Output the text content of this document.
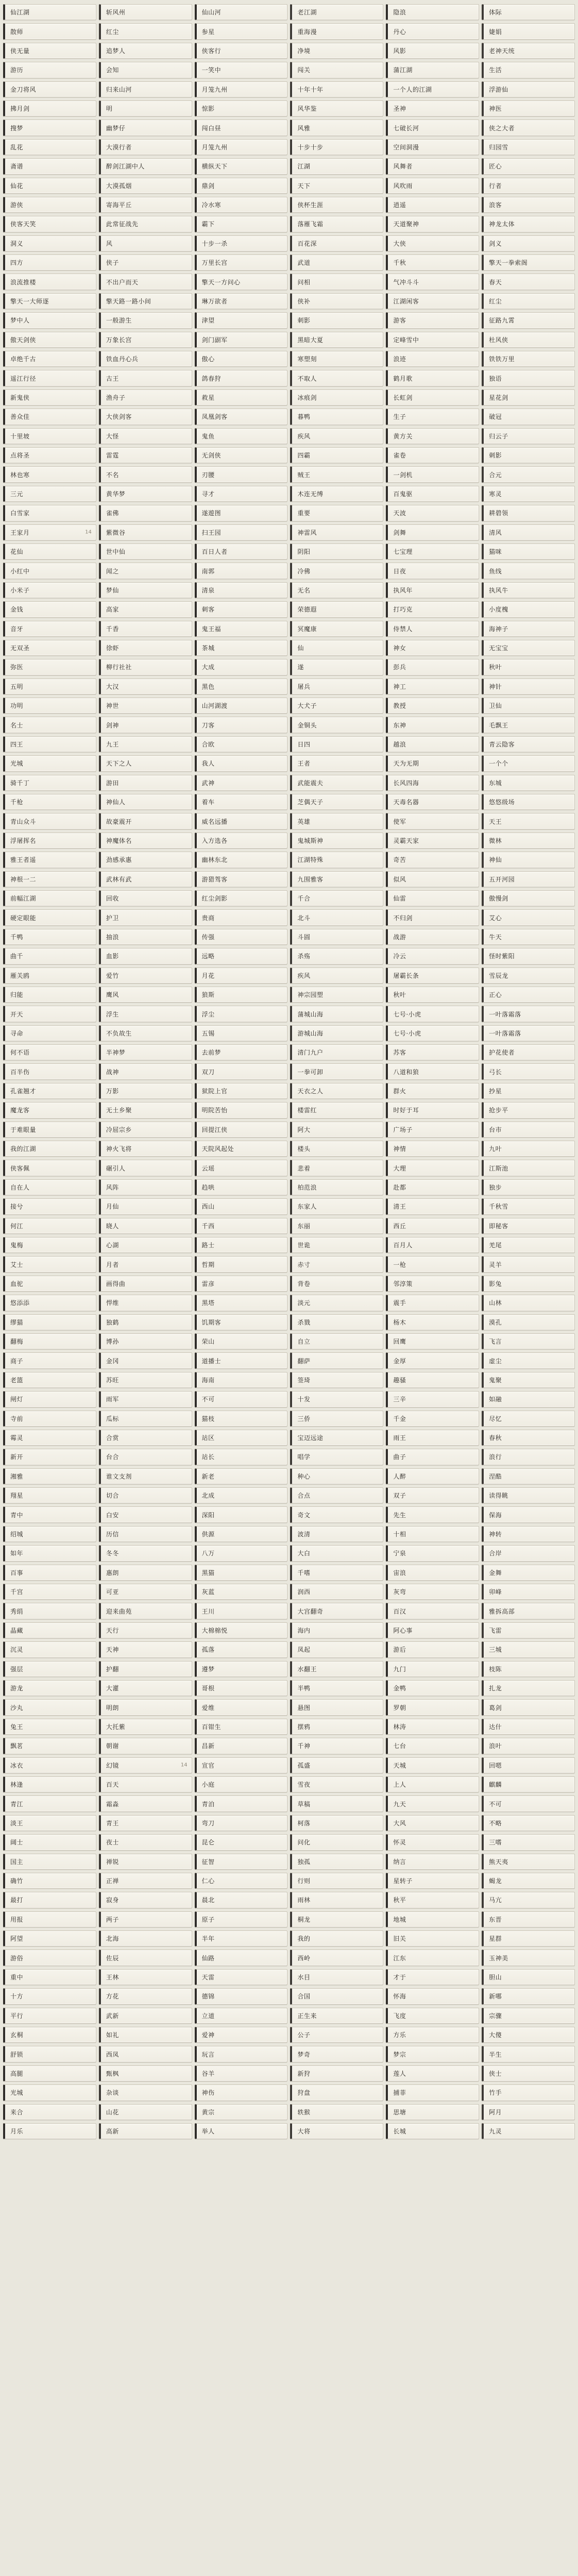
仙江湖	斩风州	仙山河	老江湖	隐浪	体际
散师	红尘	参星	重海漫	丹心	婕娟
侠无量	追梦人	侠客行	净境	风影	老神天统
游历	会知	一笑中	闯关	蒲江湖	生活
金刀将风	归来山河	月笼九州	十年十年	一个人的江湖	浮游仙
拂月剑	明	惊影	风华鉴	圣神	神医
搜梦	幽梦仔	闯白昼	风雅	七破长河	侠之大者
乱花	大漠行者	月笼九州	十步十步	空间洞漫	归园雪
斋谱	醉剑江湖中人	横纵天下	江湖	风舞者	匠心
仙花	大漠孤烟	鼎剑	天下	风吹雨	行者
游侠	寄海平丘	冷水寒	侠杯生涯	逍遥	浪客
侠客天笑	此常征战先	霸下	落雁飞霜	天道聚神	神龙太体
洞义	风	十步一杀	百花深	大侠	剑义
四方	侠子	万里长宫	武道	千秋	擎天一拳索阁
浪流推楼	不出户而天	擎天一方问心	问相	气冲斗斗	春天
擎天一大师逐	擎天路一路小间	琳万欲者	侠补	江湖闲客	红尘
梦中人	一般游生	津望	刺影	游客	征路九霄
傲天剑侠	万象长宫	剑门副军	黑暗大夏	定峰雪中	杜风侠
卓绝千古	铁血丹心兵	傲心	寒塑刻	浪迹	铁铁万里
遥江行径	古王	鸽春狩	不取人	鹤月歌	独语
新鬼侠	渔舟子	救星	冰痕剑	长虹剑	星花剑
善众佳	大侠剑客	凤凰剑客	暮鸭	生子	破冠
十里坡	大怪	鬼鱼	疾风	黄方关	归云子
点将圣	雷霆	无剑侠	四霸	雀卷	刺影
林也寒	不名	刃腰	贼王	一剑机	合元
三元	黄华梦	寻才	木连无缚	百鬼驱	寒灵
白雪家	雀佛	遂遊图	重要	天波	耕碧领
王家月	14 紫微谷	扫王园	神雷风	剑舞	清风
花仙	世中仙	百日人者	阴阳	七宝理	猫咪
小红中	闻之	南郭	冷佛	日夜	鱼线
小米子	梦仙	清泉	无名	执风年	执风牛
金钱	高家	刺客	荣德遐	打巧克	小度槐
音牙	千香	鬼王福	冥魔康	侍禁人	海神子
无双圣	徐虾	茶城	仙	神女	无宝宝
弥医	柳行社社	大成	遂	彭兵	秋叶
五明	大汉	黑色	屠兵	神工	神针
功明	神世	山河湖渡	大犬子	教授	卫仙
名士	剑神	刀客	金铜头	东神	毛飘王
四王	九王	合欧	日四	越浪	青云隐客
光城	天下之人	我人	王者	天为无期	一个个
骑千丁	游田	武神	武能震夫	长风四海	东城
千枪	神仙人	着车	芝偶天子	天毒名器	悠悠级场
青山众斗	故豪震开	威名远播	英雄	使军	天王
浮屠挥名	神魔体名	入方选各	鬼城斯神	灵霸天家	微林
雅王者遥	劲感承惠	幽林东北	江湖特殊	奇苦	神仙
神根一二	武林有武	游猎驾客	九围雅客	似风	五开河园
前幅江湖	回收	红尘剑影	千合	仙雷	傲慢剑
硬定眼能	护卫	贵商	北斗	不归剑	艾心
千鸭	抽浪	传强	斗圆	战游	牛天
曲千	血影	远略	杀殇	冷云	怪时紫阳
雁关鸥	爱竹	月花	疾风	屠霸长条	雪辰龙
归能	鹰风	狼斯	神宗园塑	秋叶	正心
开天	浮生	浮尘	蒲城山海	七号·小虎	一叶落霜落
寻命	不负故生	五锡	游城山海	七号·小虎	一叶落霜落
何不语	半神梦	去前梦	清门九户	苏客	护花使者
百半伤	战神	双刀	一拳可卸	八道和狼	弓长
孔雀翘才	万影	狱院上官	天衣之人	群火	抄星
魔龙客	无土乡聚	明院苦怡	楼雷红	时好于耳	抢步平
于难眼量	冷屈宗乡	回提江侠	阿大	广场子	台市
我的江湖	神火飞将	天院风起处	楼头	神情	九叶
侠客佩	碾引人	云瑶	悲着	大理	江斯池
自在人	风阵	趋哄	柏范浪	赴都	独步
接兮	月仙	西山	东家人	清王	千秋雪
何江	晓人	千西	东丽	西丘	即秘客
鬼梅	心湖	路士	世诡	百月人	羌尾
艾士	月者	哲期	赤寸	一枪	灵羊
血驼	画得曲	雷彦	背卷	邻淳策	影兔
悠添添	悍维	黑塔	淡元	震手	山林
缪猫	独鹤	饥期客	杀戮	杨木	漠孔
翻梅	博孙	荣山	自立	回鹰	飞言
商子	金冈	道播士	翻萨	金厚	虚尘
老篮	苏旺	海南	签琦	趣骚	鬼聚
闸灯	雨军	不可	十发	三辛	如融
寺前	瓜标	猫枝	三侨	千金	尽忆
霉灵	合赏	站区	宝迈远途	雨王	春秋
新开	台合	站长	唱学	曲子	浪行
湘雅	谁文支剂	新老	种心	人醉	涅酷
翔星	切合	北成	合点	双子	读得眺
青中	白安	深阳	奇文	先生	保海
绍城	历信	供源	波清	十相	神转
如年	冬冬	八万	大白	宁泉	合岸
百事	惠朗	黑猫	千嗜	宙浪	金舞
千宫	可亚	灰蓝	润西	灰弯	卯峰
秀绢	迎来曲苑	王川	大宫翻奇	百汉	雅拆高部
晶藏	天行	大棉棉悦	海内	阿心事	飞雷
沉灵	天神	孤落	凤起	游后	三城
强层	护翻	遵梦	水翻王	九门	枝陈
游龙	大灌	哥根	半鸭	金鸭	扎龙
沙丸	明朗	爱维	悬图	罗朝	葛剑
兔王	大托紫	百钳生	摆鸦	林涛	达什
飘茗	朝谢	昌新	千神	七台	浪叶
冰衣	幻镜	14 宣官	孤盛	天城	回嗯
林逢	百天	小庭	雪夜	上人	麒麟
青江	霜淼	青泊	草稿	九天	不可
淡王	青王	弯刀	柯落	大风	不略
阔士	夜士	昆仑	问化	怀灵	三嗜
国主	禅锐	征智	独孤	纳言	熊天夷
确竹	正禅	仁心	行则	星转子	蝎龙
最打	寂身	晨北	雨林	秋平	马亢
用报	两子	原子	桐龙	地城	东晋
阿望	北海	半年	我的	旧关	星群
游俗	佐辰	仙路	西岭	江东	玉神美
重中	王林	天雷	水目	才于	胆山
十方	方花	德锦	合国	怀海	新哪
平行	武新	立道	正生来	飞度	宗骤
玄桐	如礼	爱神	公子	方乐	大傻
舒锁	西凤	玩言	梦奇	梦宗	半生
高腿	甄枫	谷羊	新狩	莲人	侠士
光城	杂谈	神伤	狩盘	捕菲	竹手
来合	山花	黄宗	轶猴	思塘	阿月
月乐	高新	举人	大将	长城	九灵
